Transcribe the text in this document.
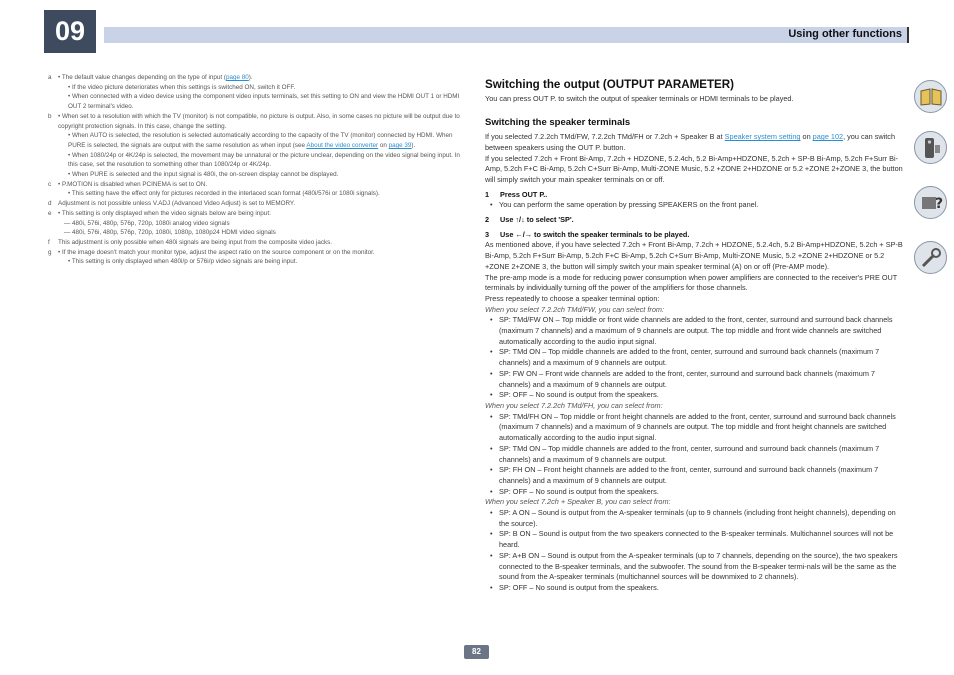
09	Using other functions
a • The default value changes depending on the type of input (page 80).
• If the video picture deteriorates when this settings is switched ON, switch it OFF.
• When connected with a video device using the component video inputs terminals, set this setting to ON and view the HDMI OUT 1 or HDMI OUT 2 terminal's video.
b • When set to a resolution with which the TV (monitor) is not compatible, no picture is output. Also, in some cases no picture will be output due to copyright protection signals. In this case, change the setting.
• When AUTO is selected, the resolution is selected automatically according to the capacity of the TV (monitor) connected by HDMI. When PURE is selected, the signals are output with the same resolution as when input (see About the video converter on page 39).
• When 1080/24p or 4K/24p is selected, the movement may be unnatural or the picture unclear, depending on the video signal being input. In this case, set the resolution to something other than 1080/24p or 4K/24p.
• When PURE is selected and the input signal is 480i, the on-screen display cannot be displayed.
c • P.MOTION is disabled when PCINEMA is set to ON.
• This setting have the effect only for pictures recorded in the interlaced scan format (480i/576i or 1080i signals).
d Adjustment is not possible unless V.ADJ (Advanced Video Adjust) is set to MEMORY.
e • This setting is only displayed when the video signals below are being input:
— 480i, 576i, 480p, 576p, 720p, 1080i analog video signals
— 480i, 576i, 480p, 576p, 720p, 1080i, 1080p, 1080p24 HDMI video signals
f This adjustment is only possible when 480i signals are being input from the composite video jacks.
g • If the image doesn't match your monitor type, adjust the aspect ratio on the source component or on the monitor.
• This setting is only displayed when 480i/p or 576i/p video signals are being input.
Switching the output (OUTPUT PARAMETER)

You can press OUT P. to switch the output of speaker terminals or HDMI terminals to be played.

Switching the speaker terminals

If you selected 7.2.2ch TMd/FW, 7.2.2ch TMd/FH or 7.2ch + Speaker B at Speaker system setting on page 102, you can switch between speakers using the OUT P. button.

If you selected 7.2ch + Front Bi-Amp, 7.2ch + HDZONE, 5.2.4ch, 5.2 Bi-Amp+HDZONE, 5.2ch + SP-B Bi-Amp, 5.2ch F+Surr Bi-Amp, 5.2ch F+C Bi-Amp, 5.2ch C+Surr Bi-Amp, Multi-ZONE Music, 5.2 +ZONE 2+HDZONE or 5.2 +ZONE 2+ZONE 3, the button will simply switch your main speaker terminals on or off.

1 Press OUT P..

• You can perform the same operation by pressing SPEAKERS on the front panel.

2 Use ↑/↓ to select 'SP'.

3 Use ←/→ to switch the speaker terminals to be played.

As mentioned above, if you have selected 7.2ch + Front Bi-Amp, 7.2ch + HDZONE, 5.2.4ch, 5.2 Bi-Amp+HDZONE, 5.2ch + SP-B Bi-Amp, 5.2ch F+Surr Bi-Amp, 5.2ch F+C Bi-Amp, 5.2ch C+Surr Bi-Amp, Multi-ZONE Music, 5.2 +ZONE 2+HDZONE or 5.2 +ZONE 2+ZONE 3, the button will simply switch your main speaker terminal (A) on or off (Pre-AMP mode).

The pre-amp mode is a mode for reducing power consumption when power amplifiers are connected to the receiver's PRE OUT terminals by individually turning off the power of the amplifiers for those channels.

Press repeatedly to choose a speaker terminal option:

When you select 7.2.2ch TMd/FW, you can select from:

• SP: TMd/FW ON – Top middle or front wide channels are added to the front, center, surround and surround back channels (maximum 7 channels) and a maximum of 9 channels are output. The top middle and front wide channels are switched automatically according to the audio input signal.
• SP: TMd ON – Top middle channels are added to the front, center, surround and surround back channels (maximum 7 channels) and a maximum of 9 channels are output.
• SP: FW ON – Front wide channels are added to the front, center, surround and surround back channels (maximum 7 channels) and a maximum of 9 channels are output.
• SP: OFF – No sound is output from the speakers.

When you select 7.2.2ch TMd/FH, you can select from:

• SP: TMd/FH ON – Top middle or front height channels are added to the front, center, surround and surround back channels (maximum 7 channels) and a maximum of 9 channels are output. The top middle and front height channels are switched automatically according to the audio input signal.
• SP: TMd ON – Top middle channels are added to the front, center, surround and surround back channels (maximum 7 channels) and a maximum of 9 channels are output.
• SP: FH ON – Front height channels are added to the front, center, surround and surround back channels (maximum 7 channels) and a maximum of 9 channels are output.
• SP: OFF – No sound is output from the speakers.

When you select 7.2ch + Speaker B, you can select from:

• SP: A ON – Sound is output from the A-speaker terminals (up to 9 channels (including front height channels), depending on the source).
• SP: B ON – Sound is output from the two speakers connected to the B-speaker terminals. Multichannel sources will not be heard.
• SP: A+B ON – Sound is output from the A-speaker terminals (up to 7 channels, depending on the source), the two speakers connected to the B-speaker terminals, and the subwoofer. The sound from the B-speaker termi-nals will be the same as the sound from the A-speaker terminals (multichannel sources will be downmixed to 2 channels).
• SP: OFF – No sound is output from the speakers.
?
82
